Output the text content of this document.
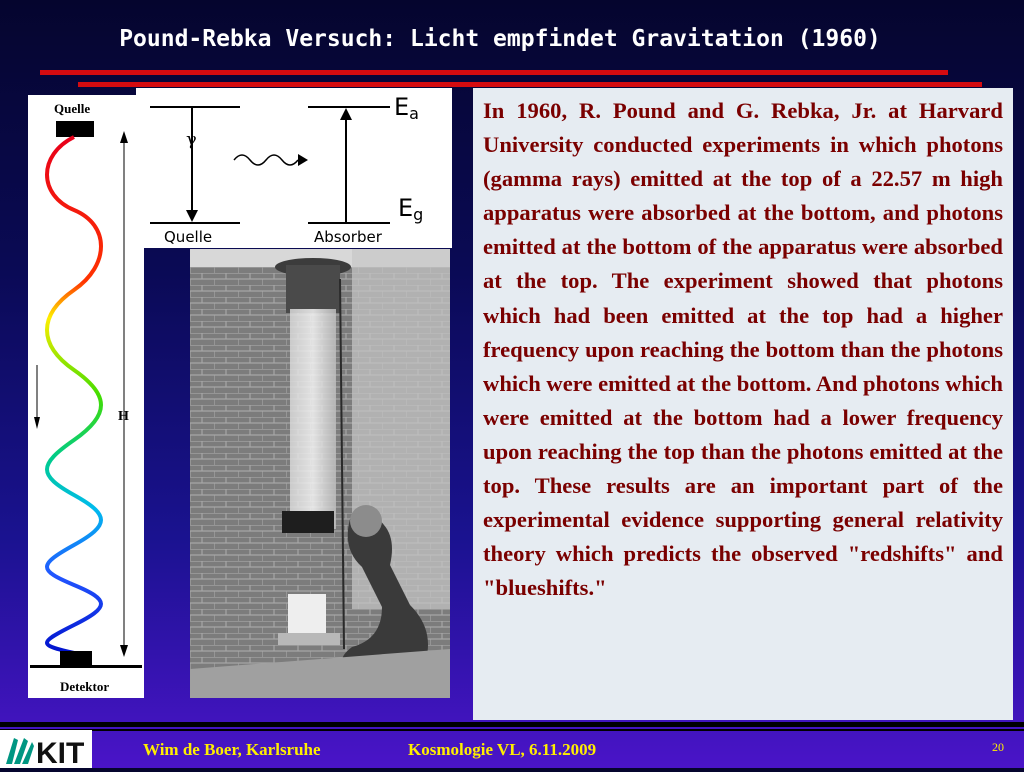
Pound-Rebka Versuch: Licht empfindet Gravitation (1960)
Quelle
H
Detektor
γ
Ea
Eg
Quelle	Absorber

In 1960, R. Pound and G. Rebka, Jr. at Harvard University conducted experiments in which photons (gamma rays) emitted at the top of a 22.57 m high apparatus were absorbed at the bottom, and photons emitted at the bottom of the apparatus were absorbed at the top. The experiment showed that photons which had been emitted at the top had a higher frequency upon reaching the bottom than the photons which were emitted at the bottom. And photons which were emitted at the bottom had a lower frequency upon reaching the top than the photons emitted at the top. These results are an important part of the experimental evidence supporting general relativity theory which predicts the observed "redshifts" and "blueshifts."

KIT	Wim de Boer, Karlsruhe	Kosmologie VL, 6.11.2009	20
